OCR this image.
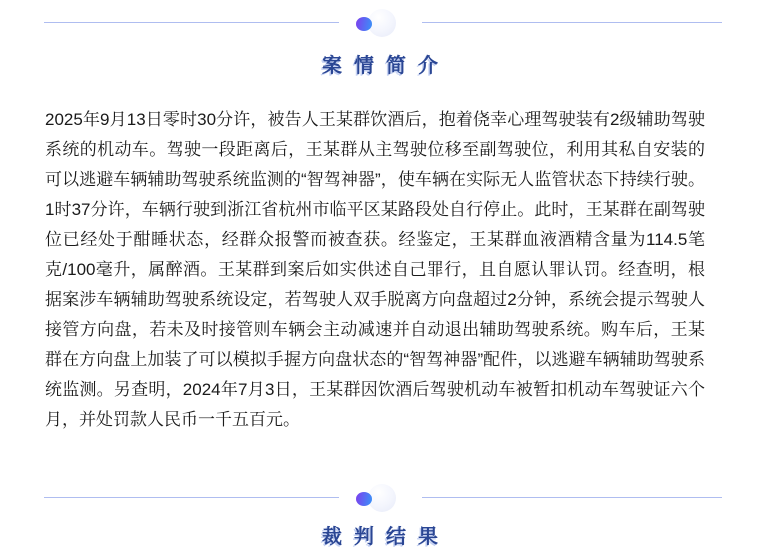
案情简介
2025年9月13日零时30分许，被告人王某群饮酒后，抱着侥幸心理驾驶装有2级辅助驾驶系统的机动车。驾驶一段距离后，王某群从主驾驶位移至副驾驶位，利用其私自安装的可以逃避车辆辅助驾驶系统监测的“智驾神器”，使车辆在实际无人监管状态下持续行驶。1时37分许，车辆行驶到浙江省杭州市临平区某路段处自行停止。此时，王某群在副驾驶位已经处于酣睡状态，经群众报警而被查获。经鉴定，王某群血液酒精含量为114.5笔克/100毫升，属醉酒。王某群到案后如实供述自己罪行，且自愿认罪认罚。经查明，根据案涉车辆辅助驾驶系统设定，若驾驶人双手脱离方向盘超过2分钟，系统会提示驾驶人接管方向盘，若未及时接管则车辆会主动减速并自动退出辅助驾驶系统。购车后，王某群在方向盘上加装了可以模拟手握方向盘状态的“智驾神器”配件，以逃避车辆辅助驾驶系统监测。另查明，2024年7月3日，王某群因饮酒后驾驶机动车被暂扣机动车驾驶证六个月，并处罚款人民币一千五百元。
裁判结果
